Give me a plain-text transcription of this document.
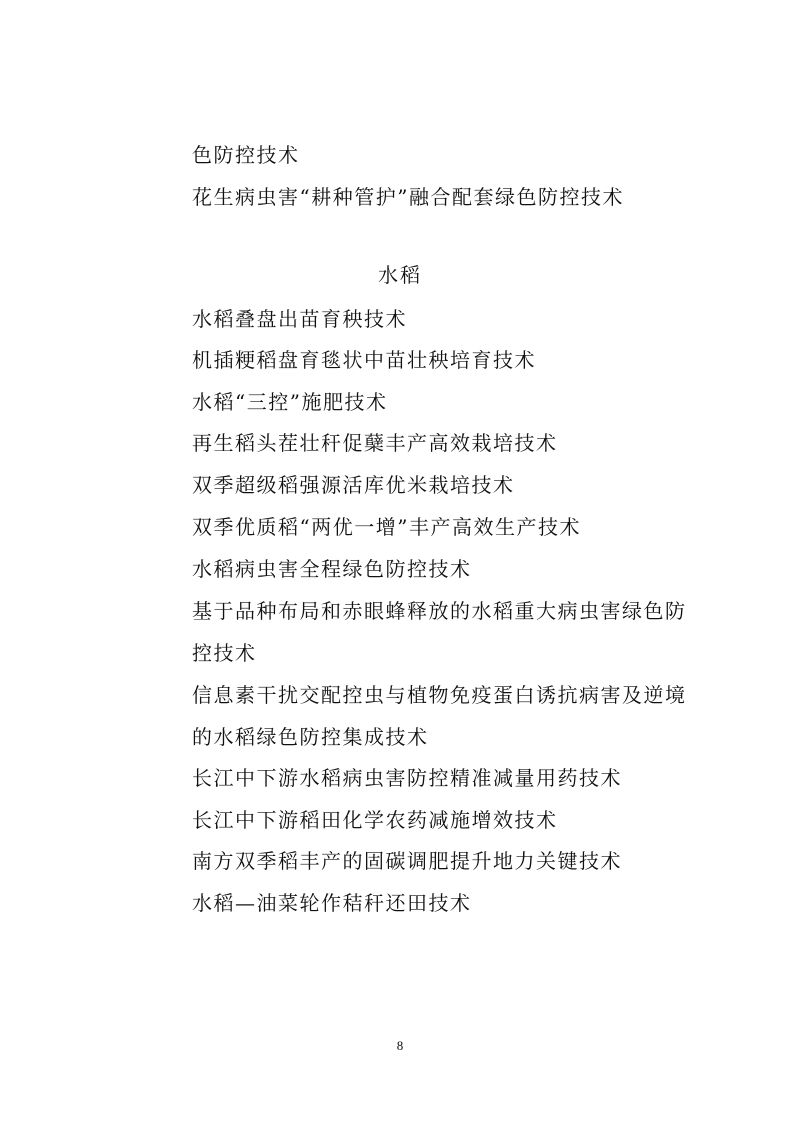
色防控技术
花生病虫害“耕种管护”融合配套绿色防控技术
水稻
水稻叠盘出苗育秧技术
机插粳稻盘育毯状中苗壮秧培育技术
水稻“三控”施肥技术
再生稻头茬壮秆促蘖丰产高效栽培技术
双季超级稻强源活库优米栽培技术
双季优质稻“两优一增”丰产高效生产技术
水稻病虫害全程绿色防控技术
基于品种布局和赤眼蜂释放的水稻重大病虫害绿色防
控技术
信息素干扰交配控虫与植物免疫蛋白诱抗病害及逆境
的水稻绿色防控集成技术
长江中下游水稻病虫害防控精准减量用药技术
长江中下游稻田化学农药减施增效技术
南方双季稻丰产的固碳调肥提升地力关键技术
水稻—油菜轮作秸秆还田技术
8
